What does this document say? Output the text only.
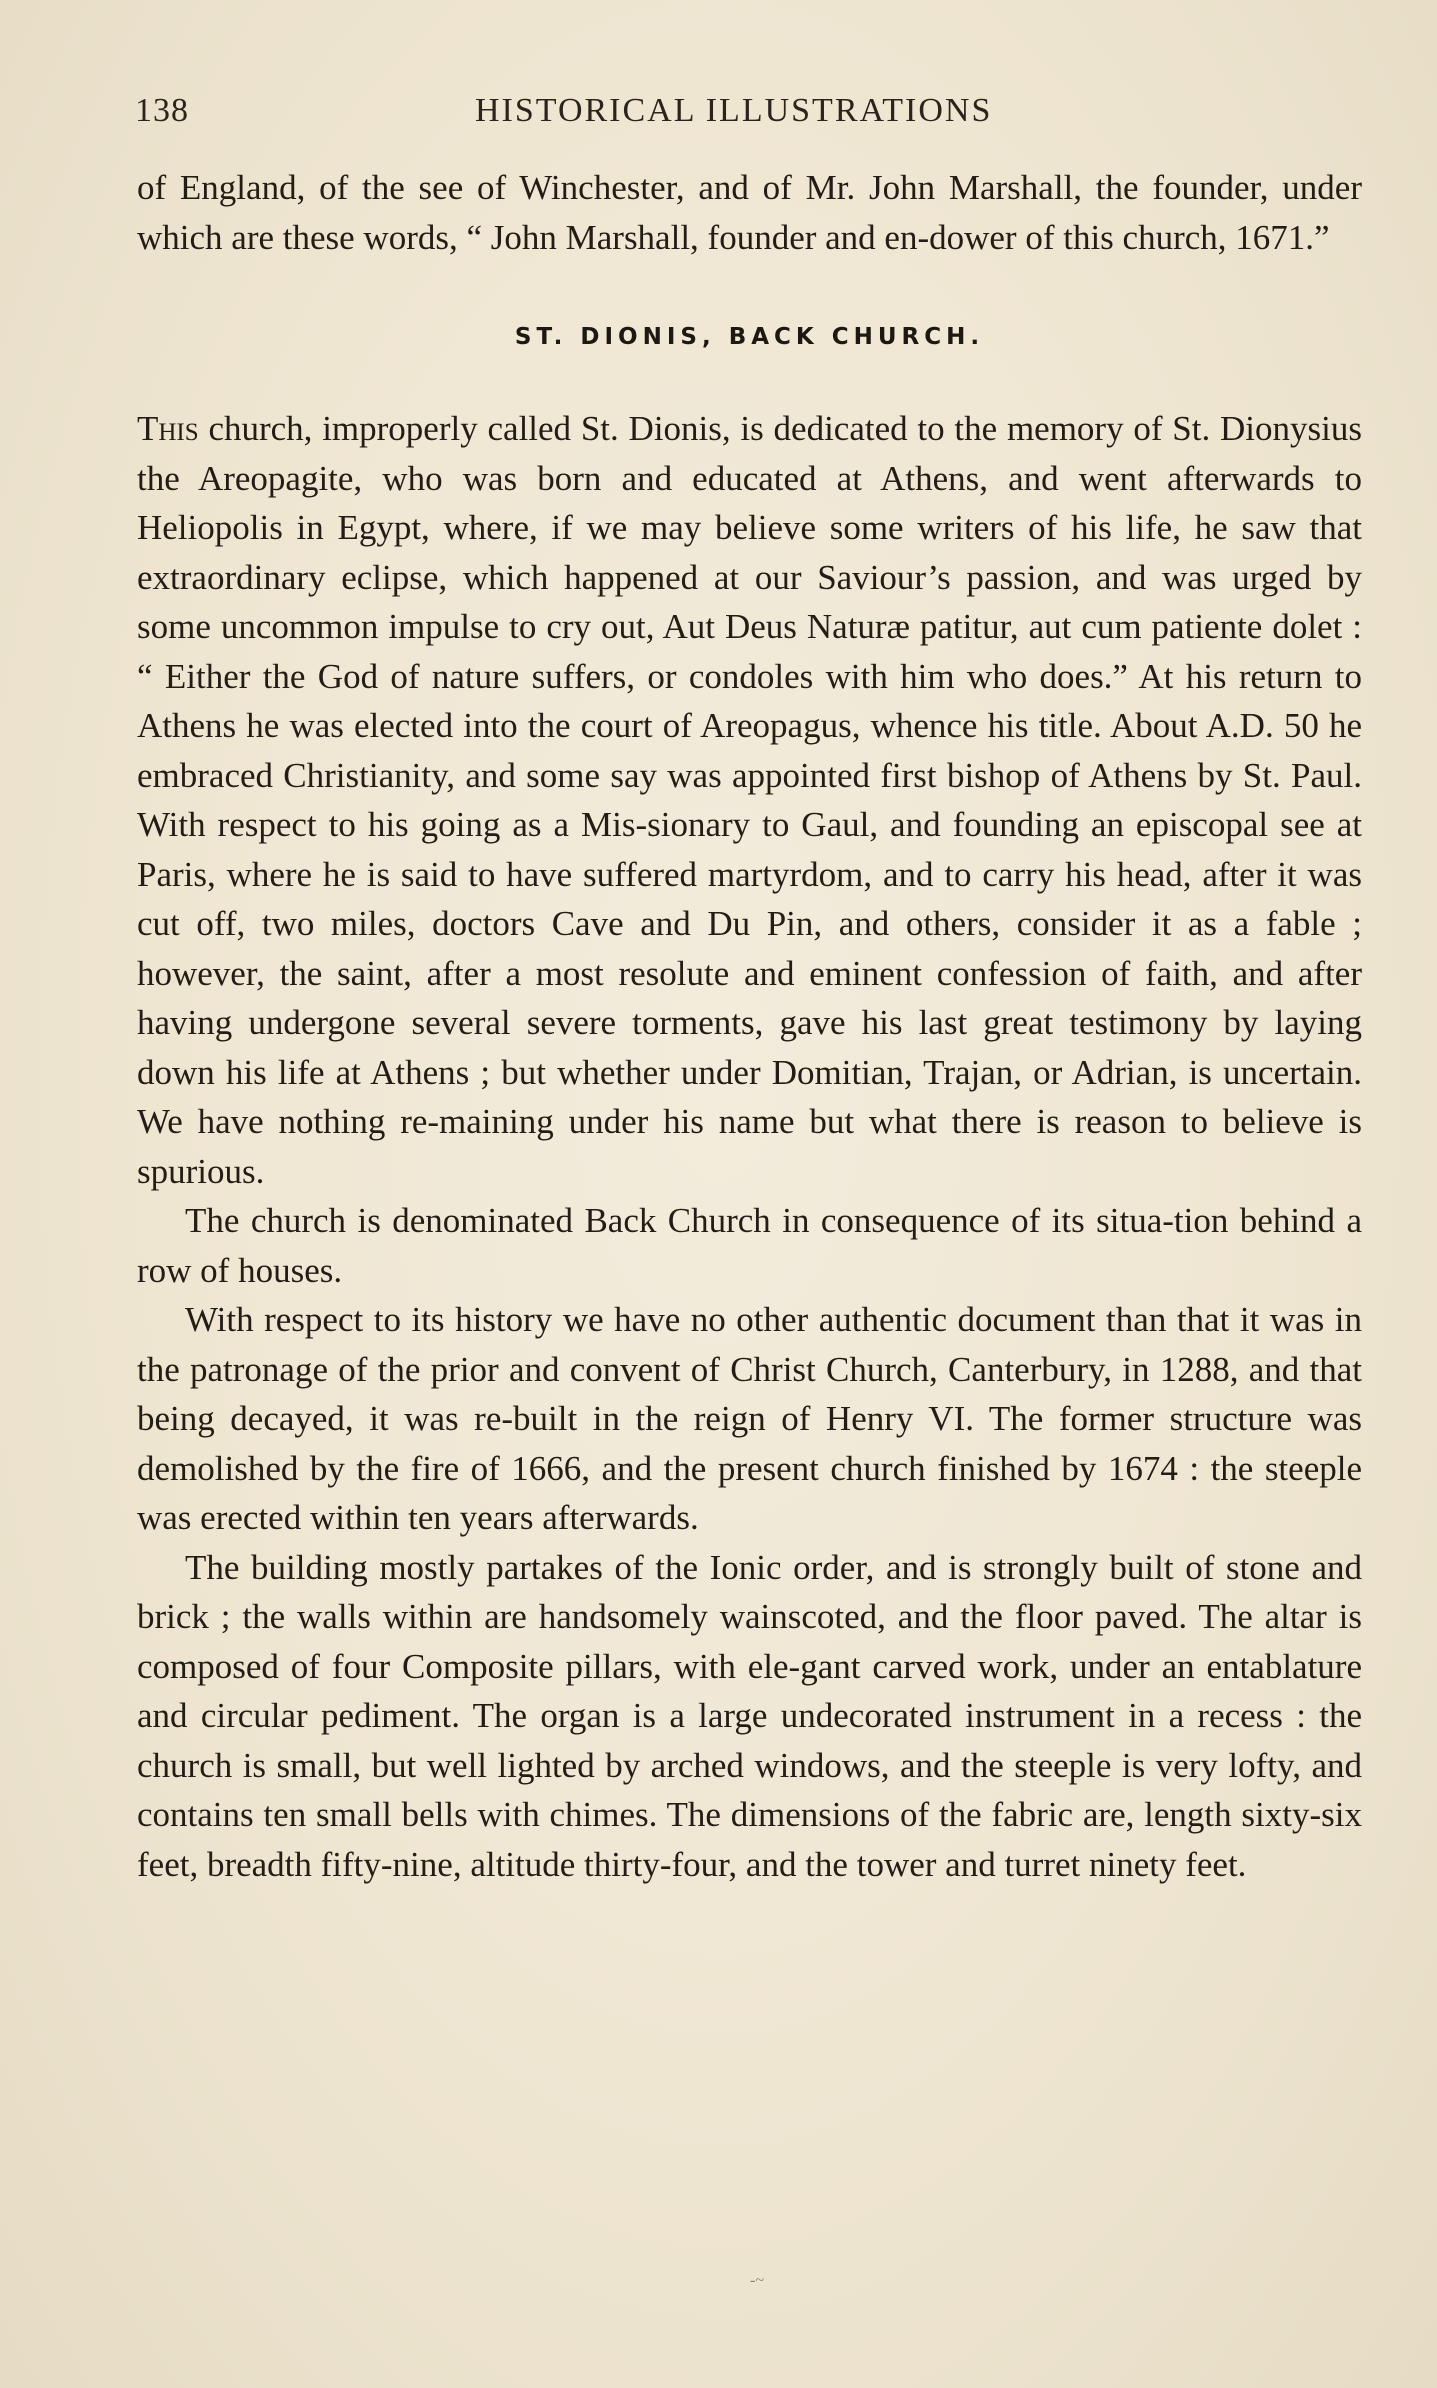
138	HISTORICAL ILLUSTRATIONS

of England, of the see of Winchester, and of Mr. John Marshall, the founder, under which are these words, “ John Marshall, founder and en-dower of this church, 1671.”

ST. DIONIS, BACK CHURCH.

This church, improperly called St. Dionis, is dedicated to the memory of St. Dionysius the Areopagite, who was born and educated at Athens, and went afterwards to Heliopolis in Egypt, where, if we may believe some writers of his life, he saw that extraordinary eclipse, which happened at our Saviour’s passion, and was urged by some uncommon impulse to cry out, Aut Deus Naturæ patitur, aut cum patiente dolet : “ Either the God of nature suffers, or condoles with him who does.” At his return to Athens he was elected into the court of Areopagus, whence his title. About A.D. 50 he embraced Christianity, and some say was appointed first bishop of Athens by St. Paul. With respect to his going as a Mis-sionary to Gaul, and founding an episcopal see at Paris, where he is said to have suffered martyrdom, and to carry his head, after it was cut off, two miles, doctors Cave and Du Pin, and others, consider it as a fable ; however, the saint, after a most resolute and eminent confession of faith, and after having undergone several severe torments, gave his last great testimony by laying down his life at Athens ; but whether under Domitian, Trajan, or Adrian, is uncertain. We have nothing re-maining under his name but what there is reason to believe is spurious.

The church is denominated Back Church in consequence of its situa-tion behind a row of houses.

With respect to its history we have no other authentic document than that it was in the patronage of the prior and convent of Christ Church, Canterbury, in 1288, and that being decayed, it was re-built in the reign of Henry VI. The former structure was demolished by the fire of 1666, and the present church finished by 1674 : the steeple was erected within ten years afterwards.

The building mostly partakes of the Ionic order, and is strongly built of stone and brick ; the walls within are handsomely wainscoted, and the floor paved. The altar is composed of four Composite pillars, with ele-gant carved work, under an entablature and circular pediment. The organ is a large undecorated instrument in a recess : the church is small, but well lighted by arched windows, and the steeple is very lofty, and contains ten small bells with chimes. The dimensions of the fabric are, length sixty-six feet, breadth fifty-nine, altitude thirty-four, and the tower and turret ninety feet.

-~
